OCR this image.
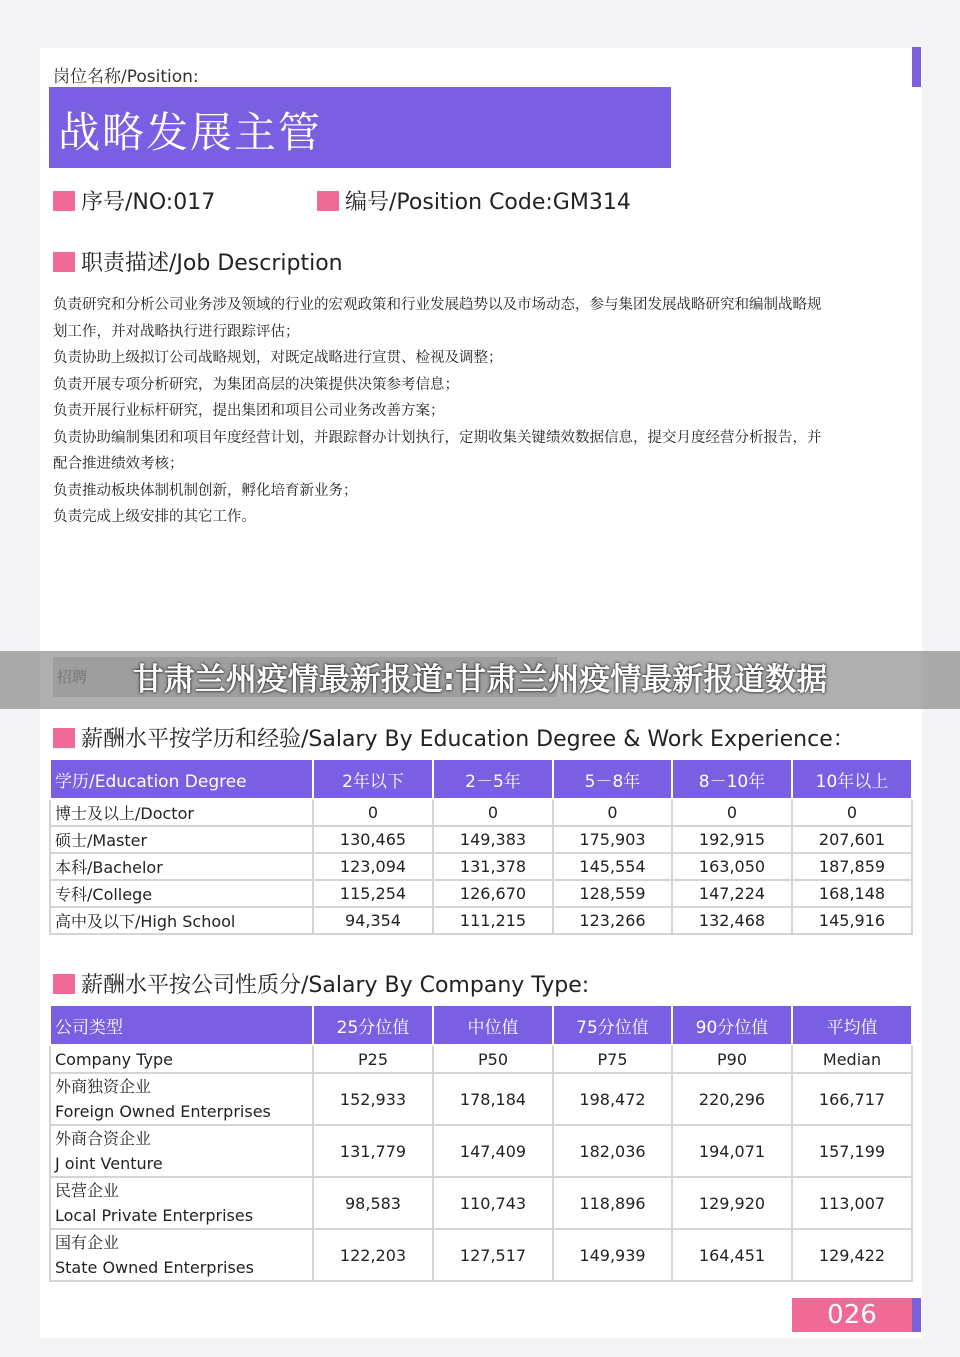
岗位名称/Position:
战略发展主管
序号/NO:017	编号/Position Code:GM314
职责描述/Job Description
负责研究和分析公司业务涉及领域的行业的宏观政策和行业发展趋势以及市场动态，参与集团发展战略研究和编制战略规
划工作，并对战略执行进行跟踪评估；
负责协助上级拟订公司战略规划，对既定战略进行宣贯、检视及调整；
负责开展专项分析研究，为集团高层的决策提供决策参考信息；
负责开展行业标杆研究，提出集团和项目公司业务改善方案；
负责协助编制集团和项目年度经营计划，并跟踪督办计划执行，定期收集关键绩效数据信息，提交月度经营分析报告，并
配合推进绩效考核；
负责推动板块体制机制创新，孵化培育新业务；
负责完成上级安排的其它工作。
甘肃兰州疫情最新报道:甘肃兰州疫情最新报道数据
薪酬水平按学历和经验/Salary By Education Degree & Work Experience：
学历/Education Degree	2年以下	2－5年	5－8年	8－10年	10年以上
博士及以上/Doctor	0	0	0	0	0
硕士/Master	130,465	149,383	175,903	192,915	207,601
本科/Bachelor	123,094	131,378	145,554	163,050	187,859
专科/College	115,254	126,670	128,559	147,224	168,148
高中及以下/High School	94,354	111,215	123,266	132,468	145,916
薪酬水平按公司性质分/Salary By Company Type:
公司类型	25分位值	中位值	75分位值	90分位值	平均值
Company Type	P25	P50	P75	P90	Median

外商独资企业
Foreign Owned Enterprises	152,933	178,184	198,472	220,296	166,717

外商合资企业
J oint Venture	131,779	147,409	182,036	194,071	157,199

民营企业
Local Private Enterprises	98,583	110,743	118,896	129,920	113,007

国有企业
State Owned Enterprises	122,203	127,517	149,939	164,451	129,422
026
